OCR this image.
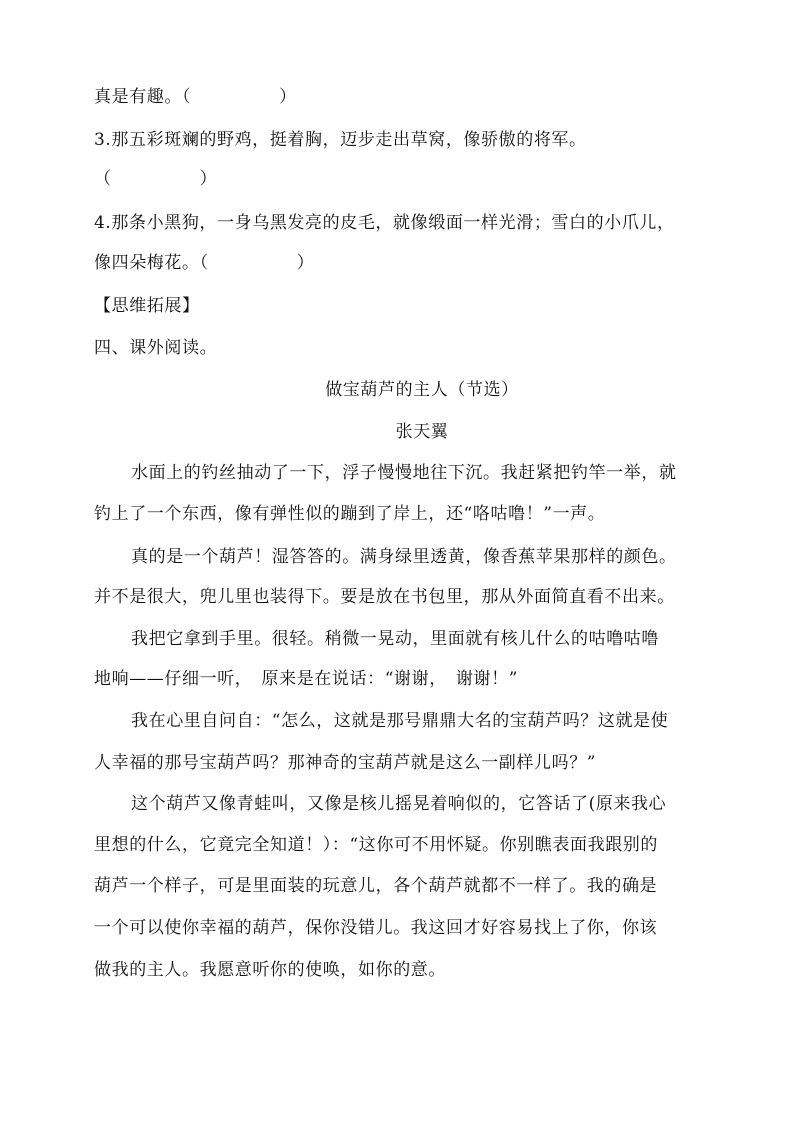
真是有趣。（　　　　　）
3.那五彩斑斓的野鸡，挺着胸，迈步走出草窝，像骄傲的将军。
（　　　　　）
4.那条小黑狗，一身乌黑发亮的皮毛，就像缎面一样光滑；雪白的小爪儿，
像四朵梅花。（　　　　　）
【思维拓展】
四、课外阅读。
做宝葫芦的主人（节选）
张天翼
水面上的钓丝抽动了一下，浮子慢慢地往下沉。我赶紧把钓竿一举，就
钓上了一个东西，像有弹性似的蹦到了岸上，还“咯咕噜！”一声。
真的是一个葫芦！湿答答的。满身绿里透黄，像香蕉苹果那样的颜色。
并不是很大，兜儿里也装得下。要是放在书包里，那从外面简直看不出来。
我把它拿到手里。很轻。稍微一晃动，里面就有核儿什么的咕噜咕噜
地响——仔细一听，　原来是在说话：“谢谢，　谢谢！”
我在心里自问自：“怎么，这就是那号鼎鼎大名的宝葫芦吗？这就是使
人幸福的那号宝葫芦吗？那神奇的宝葫芦就是这么一副样儿吗？”
这个葫芦又像青蛙叫，又像是核儿摇晃着响似的，它答话了(原来我心
里想的什么，它竟完全知道！）：“这你可不用怀疑。你别瞧表面我跟别的
葫芦一个样子，可是里面装的玩意儿，各个葫芦就都不一样了。我的确是
一个可以使你幸福的葫芦，保你没错儿。我这回才好容易找上了你，你该
做我的主人。我愿意听你的使唤，如你的意。
